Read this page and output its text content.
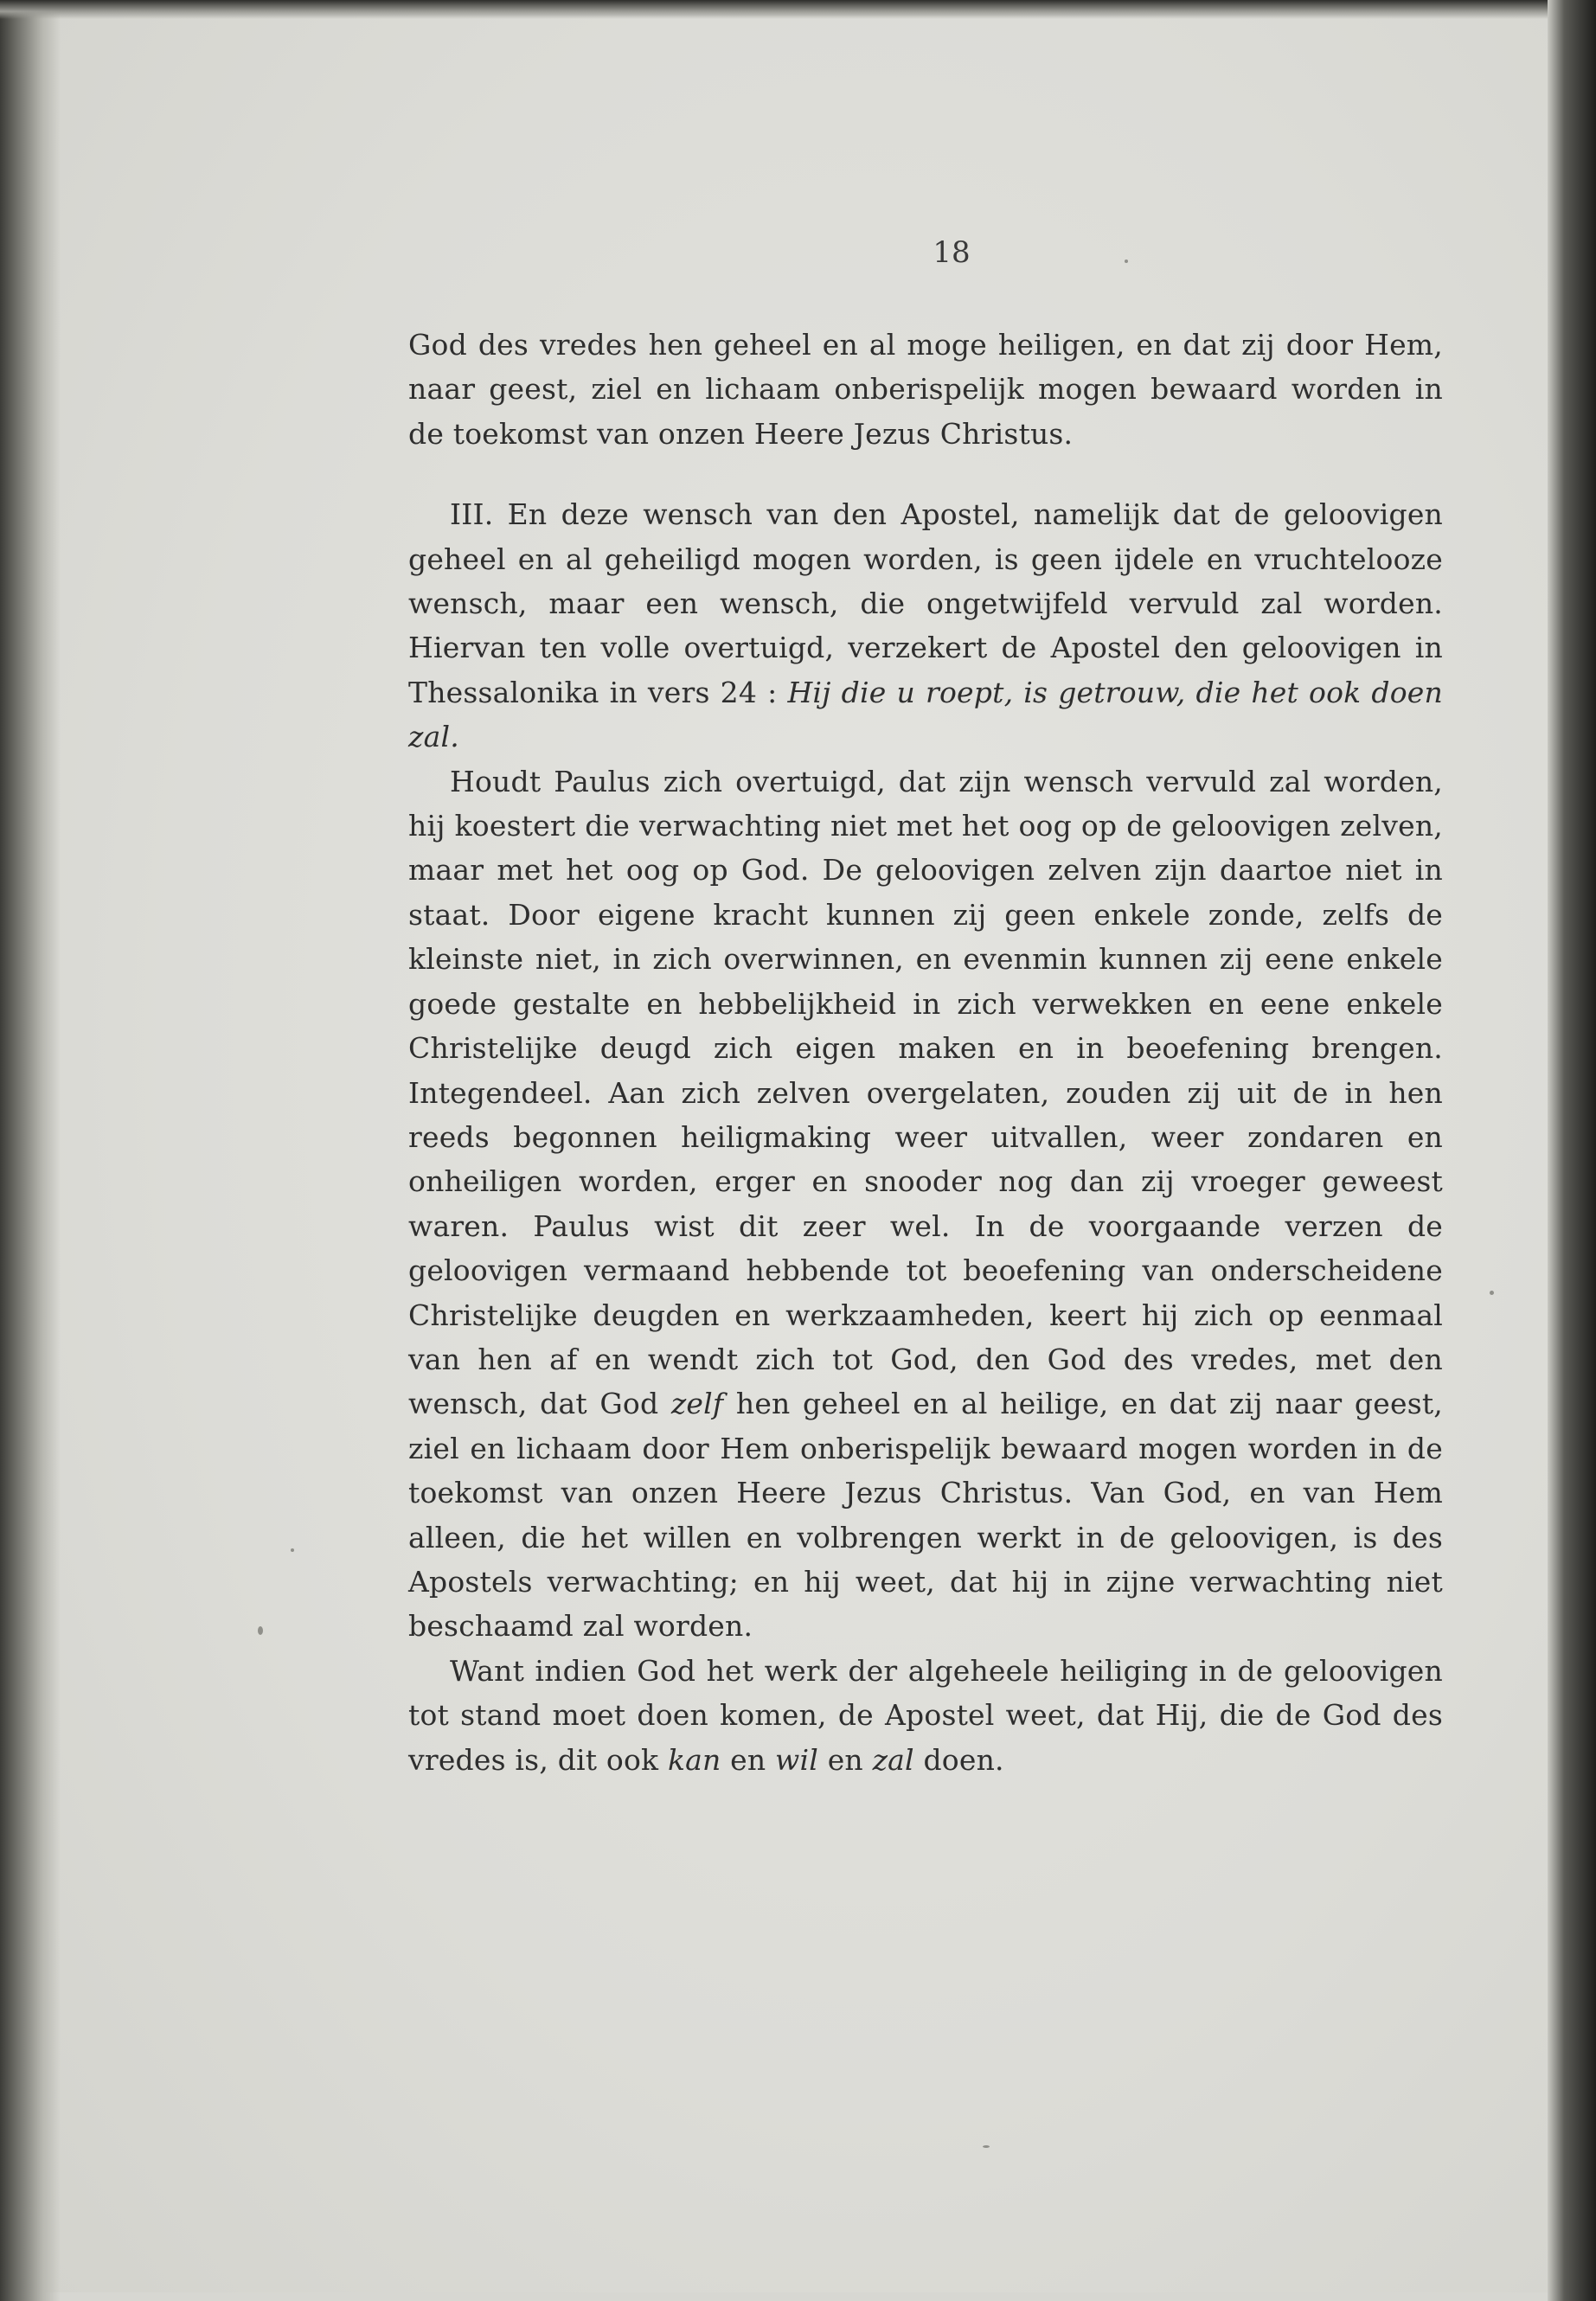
18

God des vredes hen geheel en al moge heiligen, en dat zij door Hem, naar geest, ziel en lichaam onberispelijk mogen bewaard worden in de toekomst van onzen Heere Jezus Christus.

III. En deze wensch van den Apostel, namelijk dat de geloovigen geheel en al geheiligd mogen worden, is geen ijdele en vruchtelooze wensch, maar een wensch, die ongetwijfeld vervuld zal worden. Hiervan ten volle overtuigd, verzekert de Apostel den geloovigen in Thessalonika in vers 24 : Hij die u roept, is getrouw, die het ook doen zal.

Houdt Paulus zich overtuigd, dat zijn wensch vervuld zal worden, hij koestert die verwachting niet met het oog op de geloovigen zelven, maar met het oog op God. De geloovigen zelven zijn daartoe niet in staat. Door eigene kracht kunnen zij geen enkele zonde, zelfs de kleinste niet, in zich overwinnen, en evenmin kunnen zij eene enkele goede gestalte en hebbelijkheid in zich verwekken en eene enkele Christelijke deugd zich eigen maken en in beoefening brengen. Integendeel. Aan zich zelven overgelaten, zouden zij uit de in hen reeds begonnen heiligmaking weer uitvallen, weer zondaren en onheiligen worden, erger en snooder nog dan zij vroeger geweest waren. Paulus wist dit zeer wel. In de voorgaande verzen de geloovigen vermaand hebbende tot beoefening van onderscheidene Christelijke deugden en werkzaamheden, keert hij zich op eenmaal van hen af en wendt zich tot God, den God des vredes, met den wensch, dat God zelf hen geheel en al heilige, en dat zij naar geest, ziel en lichaam door Hem onberispelijk bewaard mogen worden in de toekomst van onzen Heere Jezus Christus. Van God, en van Hem alleen, die het willen en volbrengen werkt in de geloovigen, is des Apostels verwachting; en hij weet, dat hij in zijne verwachting niet beschaamd zal worden.

Want indien God het werk der algeheele heiliging in de geloovigen tot stand moet doen komen, de Apostel weet, dat Hij, die de God des vredes is, dit ook kan en wil en zal doen.
